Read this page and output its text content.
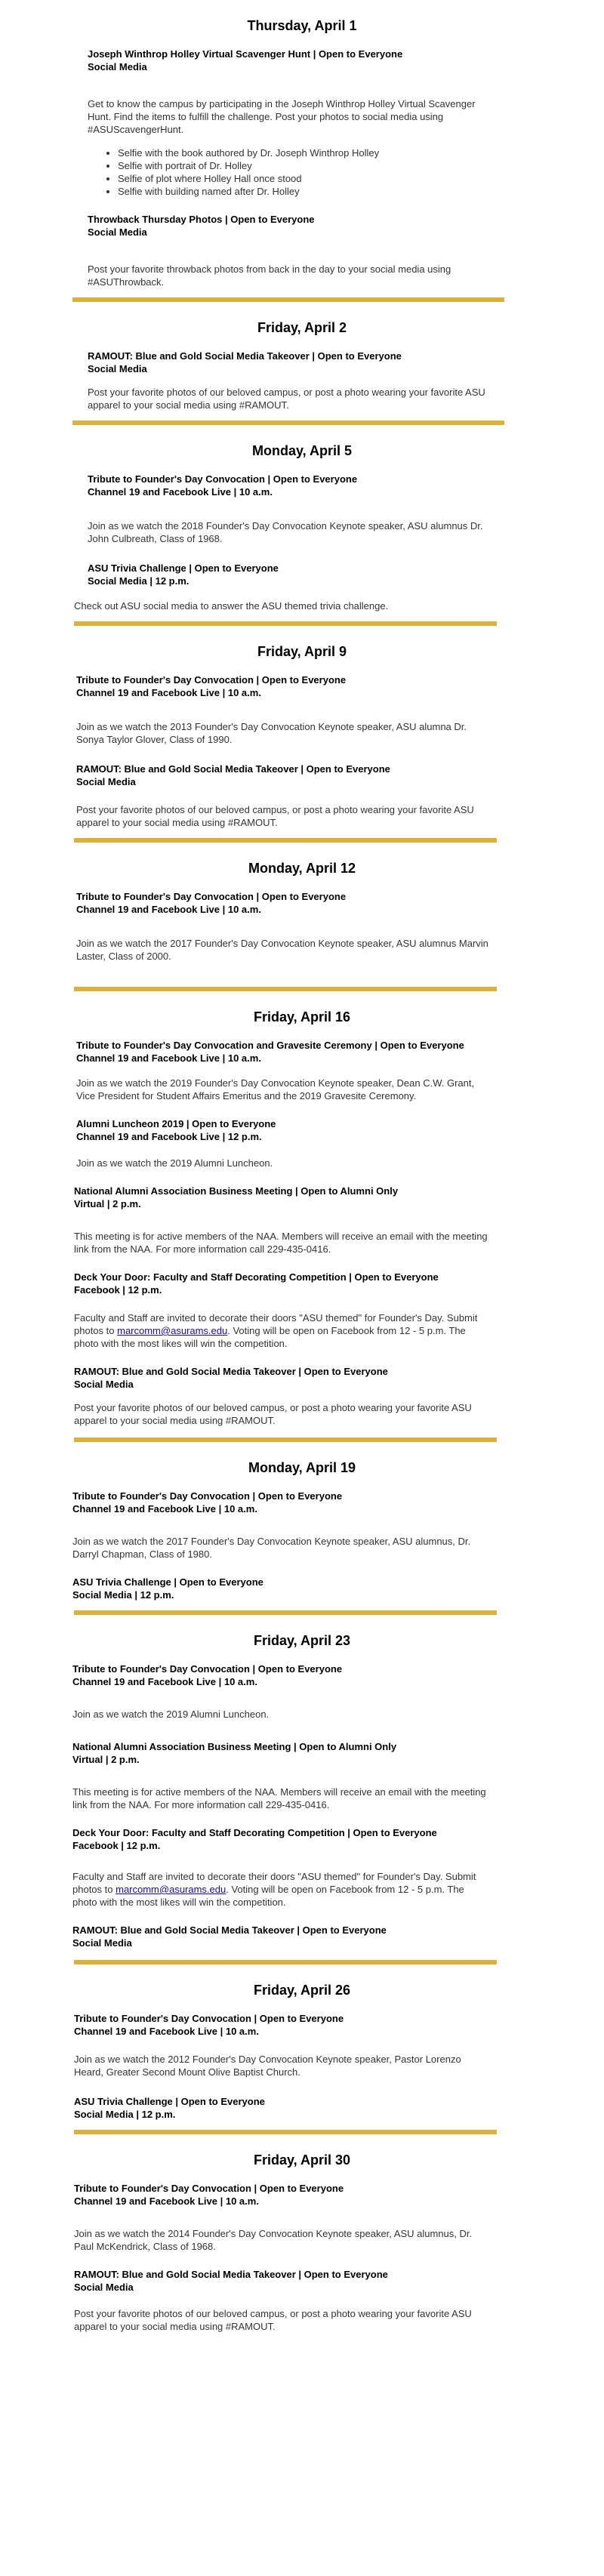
Thursday, April 1

Joseph Winthrop Holley Virtual Scavenger Hunt | Open to Everyone

Social Media

Get to know the campus by participating in the Joseph Winthrop Holley Virtual Scavenger Hunt. Find the items to fulfill the challenge. Post your photos to social media using #ASUScavengerHunt.

• Selfie with the book authored by Dr. Joseph Winthrop Holley
• Selfie with portrait of Dr. Holley
• Selfie of plot where Holley Hall once stood
• Selfie with building named after Dr. Holley

Throwback Thursday Photos | Open to Everyone

Social Media

Post your favorite throwback photos from back in the day to your social media using #ASUThrowback.

Friday, April 2

RAMOUT: Blue and Gold Social Media Takeover | Open to Everyone

Social Media

Post your favorite photos of our beloved campus, or post a photo wearing your favorite ASU apparel to your social media using #RAMOUT.

Monday, April 5

Tribute to Founder's Day Convocation | Open to Everyone

Channel 19 and Facebook Live | 10 a.m.

Join as we watch the 2018 Founder's Day Convocation Keynote speaker, ASU alumnus Dr. John Culbreath, Class of 1968.

ASU Trivia Challenge | Open to Everyone

Social Media | 12 p.m.

Check out ASU social media to answer the ASU themed trivia challenge.

Friday, April 9

Tribute to Founder's Day Convocation | Open to Everyone

Channel 19 and Facebook Live | 10 a.m.

Join as we watch the 2013 Founder's Day Convocation Keynote speaker, ASU alumna Dr. Sonya Taylor Glover, Class of 1990.

RAMOUT: Blue and Gold Social Media Takeover | Open to Everyone

Social Media

Post your favorite photos of our beloved campus, or post a photo wearing your favorite ASU apparel to your social media using #RAMOUT.

Monday, April 12

Tribute to Founder's Day Convocation | Open to Everyone

Channel 19 and Facebook Live | 10 a.m.

Join as we watch the 2017 Founder's Day Convocation Keynote speaker, ASU alumnus Marvin Laster, Class of 2000.

Friday, April 16

Tribute to Founder's Day Convocation and Gravesite Ceremony | Open to Everyone

Channel 19 and Facebook Live | 10 a.m.

Join as we watch the 2019 Founder's Day Convocation Keynote speaker, Dean C.W. Grant, Vice President for Student Affairs Emeritus and the 2019 Gravesite Ceremony.

Alumni Luncheon 2019 | Open to Everyone

Channel 19 and Facebook Live | 12 p.m.

Join as we watch the 2019 Alumni Luncheon.

National Alumni Association Business Meeting | Open to Alumni Only

Virtual | 2 p.m.

This meeting is for active members of the NAA. Members will receive an email with the meeting link from the NAA. For more information call 229-435-0416.

Deck Your Door: Faculty and Staff Decorating Competition | Open to Everyone

Facebook | 12 p.m.

Faculty and Staff are invited to decorate their doors "ASU themed" for Founder's Day. Submit photos to marcomm@asurams.edu. Voting will be open on Facebook from 12 - 5 p.m. The photo with the most likes will win the competition.

RAMOUT: Blue and Gold Social Media Takeover | Open to Everyone

Social Media

Post your favorite photos of our beloved campus, or post a photo wearing your favorite ASU apparel to your social media using #RAMOUT.

Monday, April 19

Tribute to Founder's Day Convocation | Open to Everyone

Channel 19 and Facebook Live | 10 a.m.

Join as we watch the 2017 Founder's Day Convocation Keynote speaker, ASU alumnus, Dr. Darryl Chapman, Class of 1980.

ASU Trivia Challenge | Open to Everyone

Social Media | 12 p.m.

Friday, April 23

Tribute to Founder's Day Convocation | Open to Everyone

Channel 19 and Facebook Live | 10 a.m.

Join as we watch the 2019 Alumni Luncheon.

National Alumni Association Business Meeting | Open to Alumni Only

Virtual | 2 p.m.

This meeting is for active members of the NAA. Members will receive an email with the meeting link from the NAA. For more information call 229-435-0416.

Deck Your Door: Faculty and Staff Decorating Competition | Open to Everyone

Facebook | 12 p.m.

Faculty and Staff are invited to decorate their doors "ASU themed" for Founder's Day. Submit photos to marcomm@asurams.edu. Voting will be open on Facebook from 12 - 5 p.m. The photo with the most likes will win the competition.

RAMOUT: Blue and Gold Social Media Takeover | Open to Everyone

Social Media

Friday, April 26

Tribute to Founder's Day Convocation | Open to Everyone

Channel 19 and Facebook Live | 10 a.m.

Join as we watch the 2012 Founder's Day Convocation Keynote speaker, Pastor Lorenzo Heard, Greater Second Mount Olive Baptist Church.

ASU Trivia Challenge | Open to Everyone

Social Media | 12 p.m.

Friday, April 30

Tribute to Founder's Day Convocation | Open to Everyone

Channel 19 and Facebook Live | 10 a.m.

Join as we watch the 2014 Founder's Day Convocation Keynote speaker, ASU alumnus, Dr. Paul McKendrick, Class of 1968.

RAMOUT: Blue and Gold Social Media Takeover | Open to Everyone

Social Media

Post your favorite photos of our beloved campus, or post a photo wearing your favorite ASU apparel to your social media using #RAMOUT.
